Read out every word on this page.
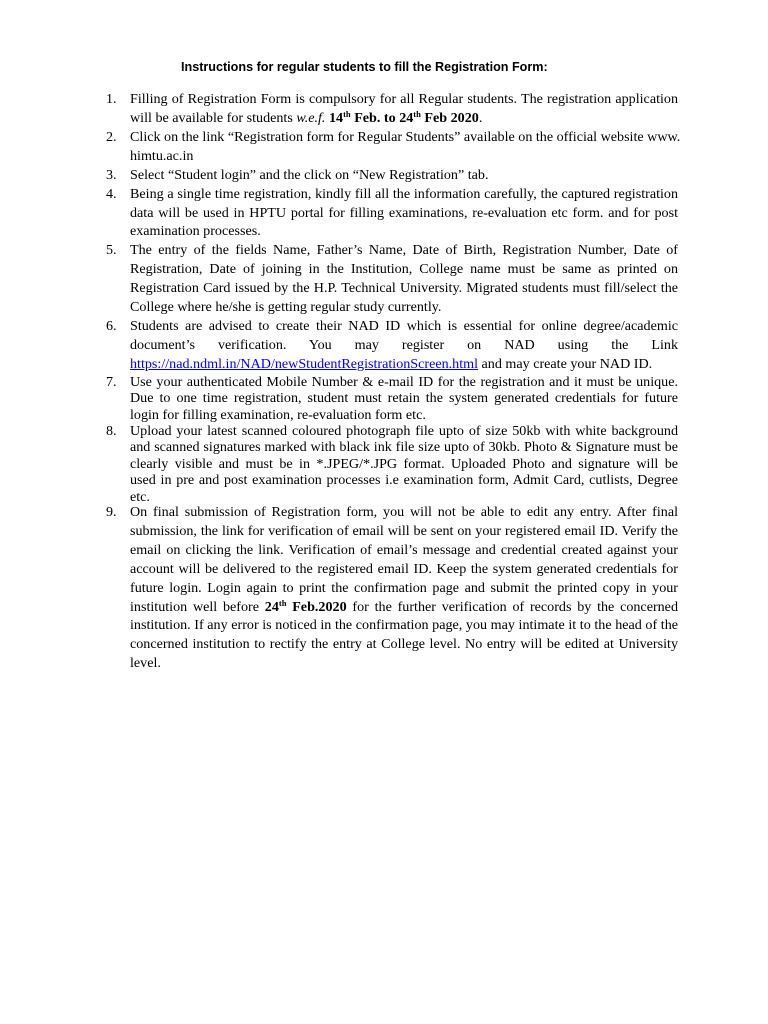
Instructions for regular students to fill the Registration Form:
1. Filling of Registration Form is compulsory for all Regular students. The registration application
will be available for students w.e.f. 14th Feb. to 24th Feb 2020.
2. Click on the link “Registration form for Regular Students” available on the official website www.
himtu.ac.in
3. Select “Student login” and the click on “New Registration” tab.
4. Being a single time registration, kindly fill all the information carefully, the captured registration
data will be used in HPTU portal for filling examinations, re-evaluation etc form. and for post
examination processes.
5. The entry of the fields Name, Father’s Name, Date of Birth, Registration Number, Date of
Registration, Date of joining in the Institution, College name must be same as printed on
Registration Card issued by the H.P. Technical University. Migrated students must fill/select the
College where he/she is getting regular study currently.
6. Students are advised to create their NAD ID which is essential for online degree/academic
document’s verification. You may register on NAD using the Link
https://nad.ndml.in/NAD/newStudentRegistrationScreen.html and may create your NAD ID.
7. Use your authenticated Mobile Number & e-mail ID for the registration and it must be unique.
Due to one time registration, student must retain the system generated credentials for future
login for filling examination, re-evaluation form etc.
8. Upload your latest scanned coloured photograph file upto of size 50kb with white background
and scanned signatures marked with black ink file size upto of 30kb. Photo & Signature must be
clearly visible and must be in *.JPEG/*.JPG format. Uploaded Photo and signature will be
used in pre and post examination processes i.e examination form, Admit Card, cutlists, Degree
etc.
9. On final submission of Registration form, you will not be able to edit any entry. After final
submission, the link for verification of email will be sent on your registered email ID. Verify the
email on clicking the link. Verification of email’s message and credential created against your
account will be delivered to the registered email ID. Keep the system generated credentials for
future login. Login again to print the confirmation page and submit the printed copy in your
institution well before 24th Feb.2020 for the further verification of records by the concerned
institution. If any error is noticed in the confirmation page, you may intimate it to the head of the
concerned institution to rectify the entry at College level. No entry will be edited at University
level.
